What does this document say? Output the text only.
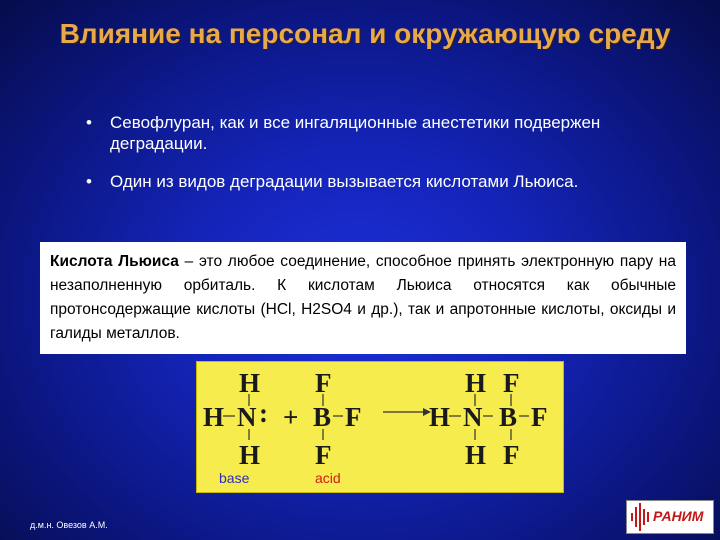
Влияние на персонал и окружающую среду
• Севофлуран, как и все ингаляционные анестетики подвержен деградации.
• Один из видов деградации вызывается кислотами Льюиса.
Кислота Льюиса – это любое соединение, способное принять электронную пару на незаполненную орбиталь. К кислотам Льюиса относятся как обычные протонсодержащие кислоты (HCl, H2SO4 и др.), так и апротонные кислоты, оксиды и галиды металлов.
H
H N :
H
+
F
B F
F
H
H N
H
F
B F
F
base	acid
д.м.н. Овезов А.М.
РАНИМ
